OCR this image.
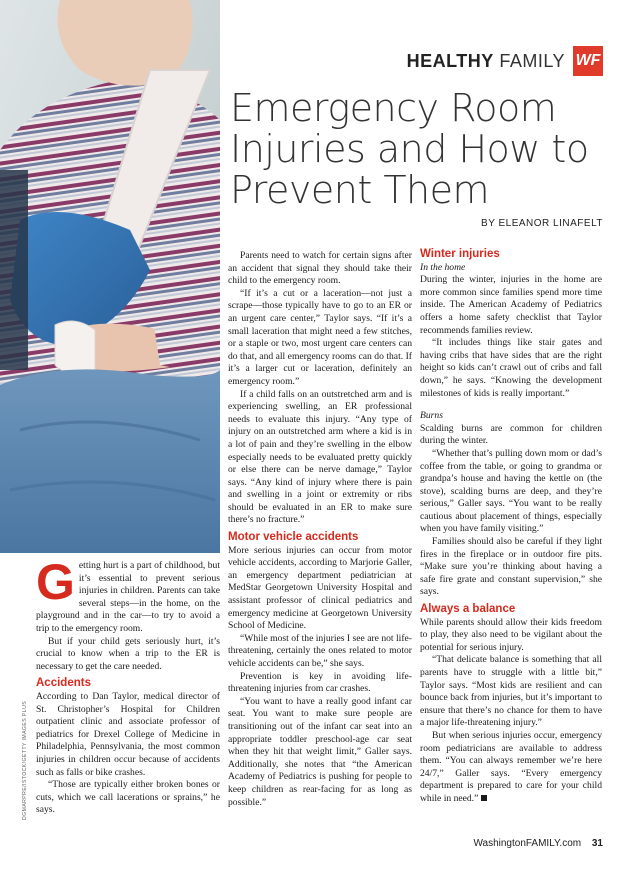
HEALTHY FAMILY WF
Emergency Room Injuries and How to Prevent Them
BY ELEANOR LINAFELT
DGMARPRE/ISTOCK/GETTY IMAGES PLUS

Getting hurt is a part of childhood, but it’s essential to prevent serious injuries in children. Parents can take several steps—in the home, on the playground and in the car—to try to avoid a trip to the emergency room.

But if your child gets seriously hurt, it’s crucial to know when a trip to the ER is necessary to get the care needed.

Accidents

According to Dan Taylor, medical director of St. Christopher’s Hospital for Children outpatient clinic and associate professor of pediatrics for Drexel College of Medicine in Philadelphia, Pennsylvania, the most common injuries in children occur because of accidents such as falls or bike crashes.

“Those are typically either broken bones or cuts, which we call lacerations or sprains,” he says.

Parents need to watch for certain signs after an accident that signal they should take their child to the emergency room.

“If it’s a cut or a laceration—not just a scrape—those typically have to go to an ER or an urgent care center,” Taylor says. “If it’s a small laceration that might need a few stitches, or a staple or two, most urgent care centers can do that, and all emergency rooms can do that. If it’s a larger cut or laceration, definitely an emergency room.”

If a child falls on an outstretched arm and is experiencing swelling, an ER professional needs to evaluate this injury. “Any type of injury on an outstretched arm where a kid is in a lot of pain and they’re swelling in the elbow especially needs to be evaluated pretty quickly or else there can be nerve damage,” Taylor says. “Any kind of injury where there is pain and swelling in a joint or extremity or ribs should be evaluated in an ER to make sure there’s no fracture.”

Motor vehicle accidents

More serious injuries can occur from motor vehicle accidents, according to Marjorie Galler, an emergency department pediatrician at MedStar Georgetown University Hospital and assistant professor of clinical pediatrics and emergency medicine at Georgetown University School of Medicine.

“While most of the injuries I see are not life-threatening, certainly the ones related to motor vehicle accidents can be,” she says.

Prevention is key in avoiding life-threatening injuries from car crashes.

“You want to have a really good infant car seat. You want to make sure people are transitioning out of the infant car seat into an appropriate toddler preschool-age car seat when they hit that weight limit,” Galler says. Additionally, she notes that “the American Academy of Pediatrics is pushing for people to keep children as rear-facing for as long as possible.”

Winter injuries

In the home

During the winter, injuries in the home are more common since families spend more time inside. The American Academy of Pediatrics offers a home safety checklist that Taylor recommends families review.

“It includes things like stair gates and having cribs that have sides that are the right height so kids can’t crawl out of cribs and fall down,” he says. “Knowing the development milestones of kids is really important.”

Burns

Scalding burns are common for children during the winter.

“Whether that’s pulling down mom or dad’s coffee from the table, or going to grandma or grandpa’s house and having the kettle on (the stove), scalding burns are deep, and they’re serious,” Galler says. “You want to be really cautious about placement of things, especially when you have family visiting.”

Families should also be careful if they light fires in the fireplace or in outdoor fire pits. “Make sure you’re thinking about having a safe fire grate and constant supervision,” she says.

Always a balance

While parents should allow their kids freedom to play, they also need to be vigilant about the potential for serious injury.

“That delicate balance is something that all parents have to struggle with a little bit,” Taylor says. “Most kids are resilient and can bounce back from injuries, but it’s important to ensure that there’s no chance for them to have a major life-threatening injury.”

But when serious injuries occur, emergency room pediatricians are available to address them. “You can always remember we’re here 24/7,” Galler says. “Every emergency department is prepared to care for your child while in need.”

WashingtonFAMILY.com 31
